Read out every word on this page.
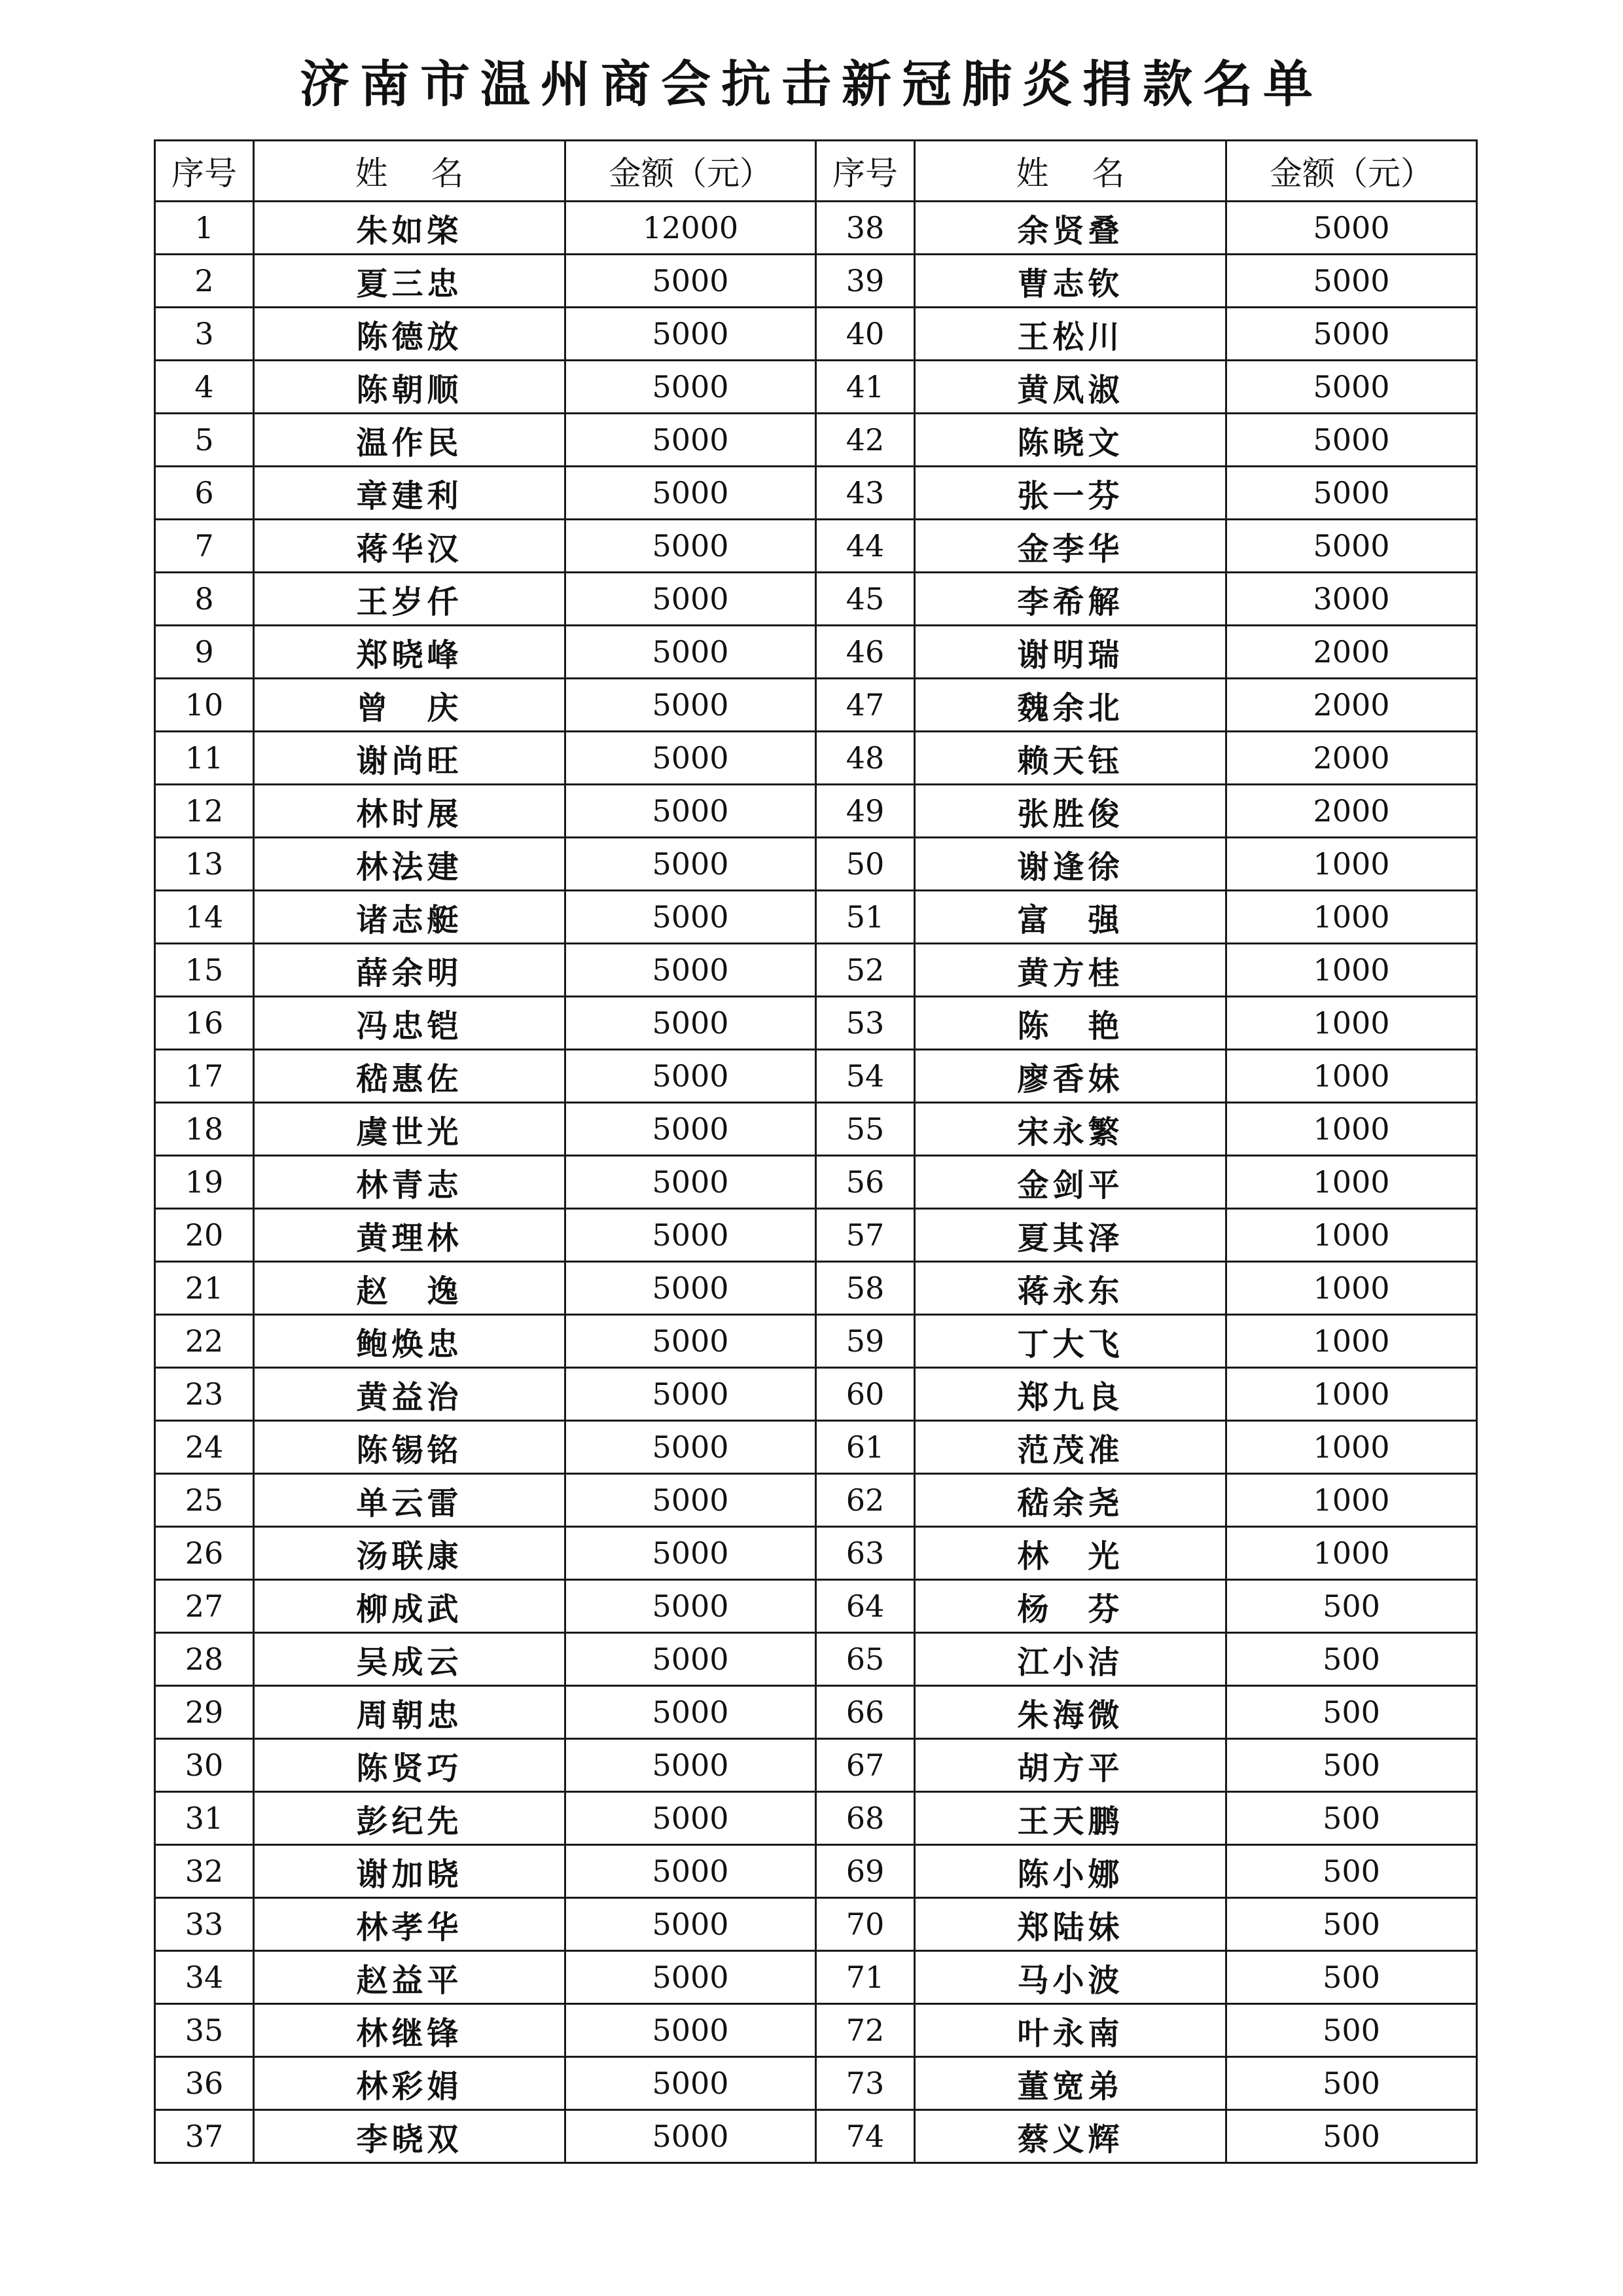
济南市温州商会抗击新冠肺炎捐款名单
序号	姓　 名	金额（元）	序号	姓　 名	金额（元）
1	朱如棨	12000	38	余贤叠	5000
2	夏三忠	5000	39	曹志钦	5000
3	陈德放	5000	40	王松川	5000
4	陈朝顺	5000	41	黄凤淑	5000
5	温作民	5000	42	陈晓文	5000
6	章建利	5000	43	张一芬	5000
7	蒋华汉	5000	44	金李华	5000
8	王岁仟	5000	45	李希解	3000
9	郑晓峰	5000	46	谢明瑞	2000
10	曾　庆	5000	47	魏余北	2000
11	谢尚旺	5000	48	赖天钰	2000
12	林时展	5000	49	张胜俊	2000
13	林法建	5000	50	谢逢徐	1000
14	诸志艇	5000	51	富　强	1000
15	薛余明	5000	52	黄方桂	1000
16	冯忠铠	5000	53	陈　艳	1000
17	嵇惠佐	5000	54	廖香妹	1000
18	虞世光	5000	55	宋永繁	1000
19	林青志	5000	56	金剑平	1000
20	黄理林	5000	57	夏其泽	1000
21	赵　逸	5000	58	蒋永东	1000
22	鲍焕忠	5000	59	丁大飞	1000
23	黄益治	5000	60	郑九良	1000
24	陈锡铭	5000	61	范茂准	1000
25	单云雷	5000	62	嵇余尧	1000
26	汤联康	5000	63	林　光	1000
27	柳成武	5000	64	杨　芬	500
28	吴成云	5000	65	江小洁	500
29	周朝忠	5000	66	朱海微	500
30	陈贤巧	5000	67	胡方平	500
31	彭纪先	5000	68	王天鹏	500
32	谢加晓	5000	69	陈小娜	500
33	林孝华	5000	70	郑陆妹	500
34	赵益平	5000	71	马小波	500
35	林继锋	5000	72	叶永南	500
36	林彩娟	5000	73	董宽弟	500
37	李晓双	5000	74	蔡义辉	500
